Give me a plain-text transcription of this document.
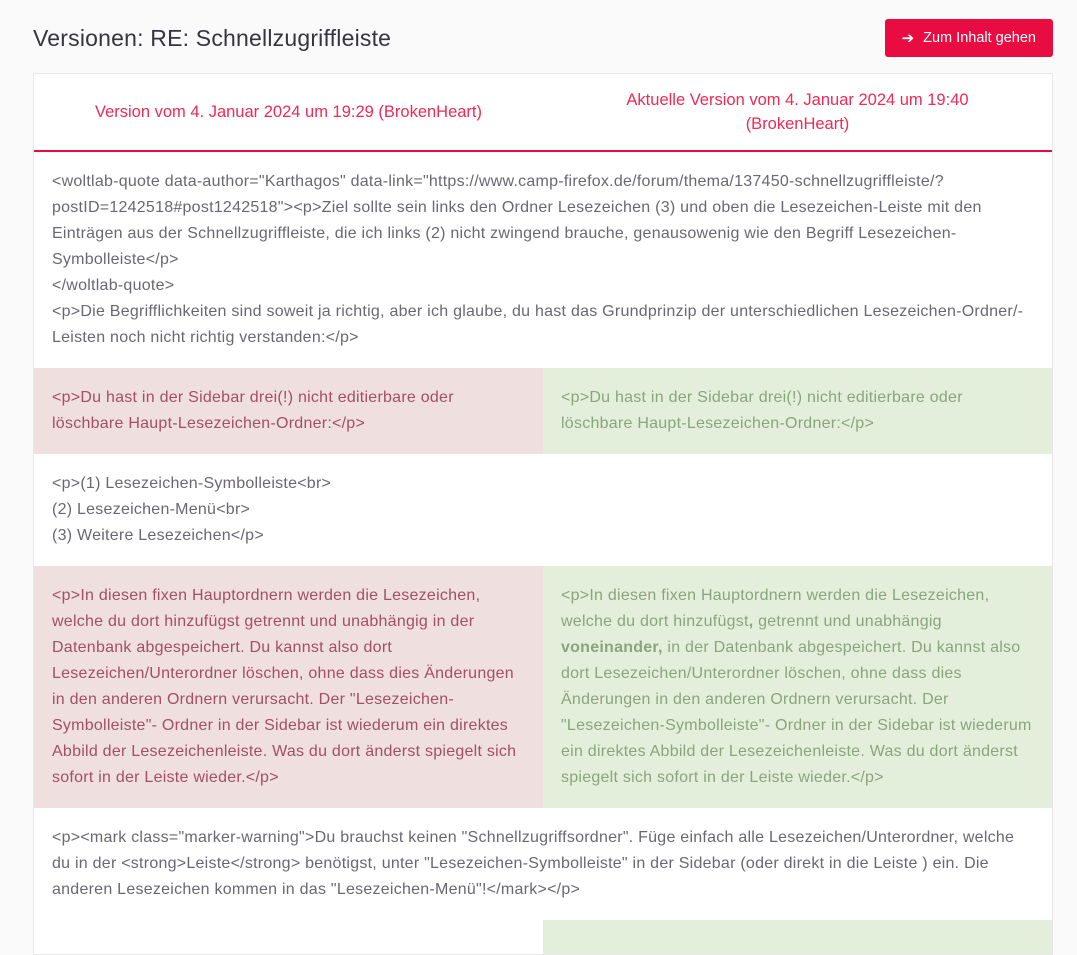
Versionen: RE: Schnellzugriffleiste	➔ Zum Inhalt gehen
Version vom 4. Januar 2024 um 19:29 (BrokenHeart)
Aktuelle Version vom 4. Januar 2024 um 19:40 (BrokenHeart)
<woltlab-quote data-author="Karthagos" data-link="https://www.camp-firefox.de/forum/thema/137450-schnellzugriffleiste/?postID=1242518#post1242518"><p>Ziel sollte sein links den Ordner Lesezeichen (3) und oben die Lesezeichen-Leiste mit den Einträgen aus der Schnellzugriffleiste, die ich links (2) nicht zwingend brauche, genausowenig wie den Begriff Lesezeichen-Symbolleiste</p>
</woltlab-quote>
<p>Die Begrifflichkeiten sind soweit ja richtig, aber ich glaube, du hast das Grundprinzip der unterschiedlichen Lesezeichen-Ordner/-Leisten noch nicht richtig verstanden:</p>
<p>Du hast in der Sidebar drei(!) nicht editierbare oder löschbare Haupt-Lesezeichen-Ordner:</p>
<p>Du hast in der Sidebar drei(!) nicht editierbare oder löschbare Haupt-Lesezeichen-Ordner:</p>
<p>(1) Lesezeichen-Symbolleiste<br>
(2) Lesezeichen-Menü<br>
(3) Weitere Lesezeichen</p>
<p>In diesen fixen Hauptordnern werden die Lesezeichen, welche du dort hinzufügst getrennt und unabhängig in der Datenbank abgespeichert. Du kannst also dort Lesezeichen/Unterordner löschen, ohne dass dies Änderungen in den anderen Ordnern verursacht. Der "Lesezeichen-Symbolleiste"- Ordner in der Sidebar ist wiederum ein direktes Abbild der Lesezeichenleiste. Was du dort änderst spiegelt sich sofort in der Leiste wieder.</p>
<p>In diesen fixen Hauptordnern werden die Lesezeichen, welche du dort hinzufügst, getrennt und unabhängig voneinander, in der Datenbank abgespeichert. Du kannst also dort Lesezeichen/Unterordner löschen, ohne dass dies Änderungen in den anderen Ordnern verursacht. Der "Lesezeichen-Symbolleiste"- Ordner in der Sidebar ist wiederum ein direktes Abbild der Lesezeichenleiste. Was du dort änderst spiegelt sich sofort in der Leiste wieder.</p>
<p><mark class="marker-warning">Du brauchst keinen "Schnellzugriffsordner". Füge einfach alle Lesezeichen/Unterordner, welche du in der <strong>Leiste</strong> benötigst, unter "Lesezeichen-Symbolleiste" in der Sidebar (oder direkt in die Leiste ) ein. Die anderen Lesezeichen kommen in das "Lesezeichen-Menü"!</mark></p>
